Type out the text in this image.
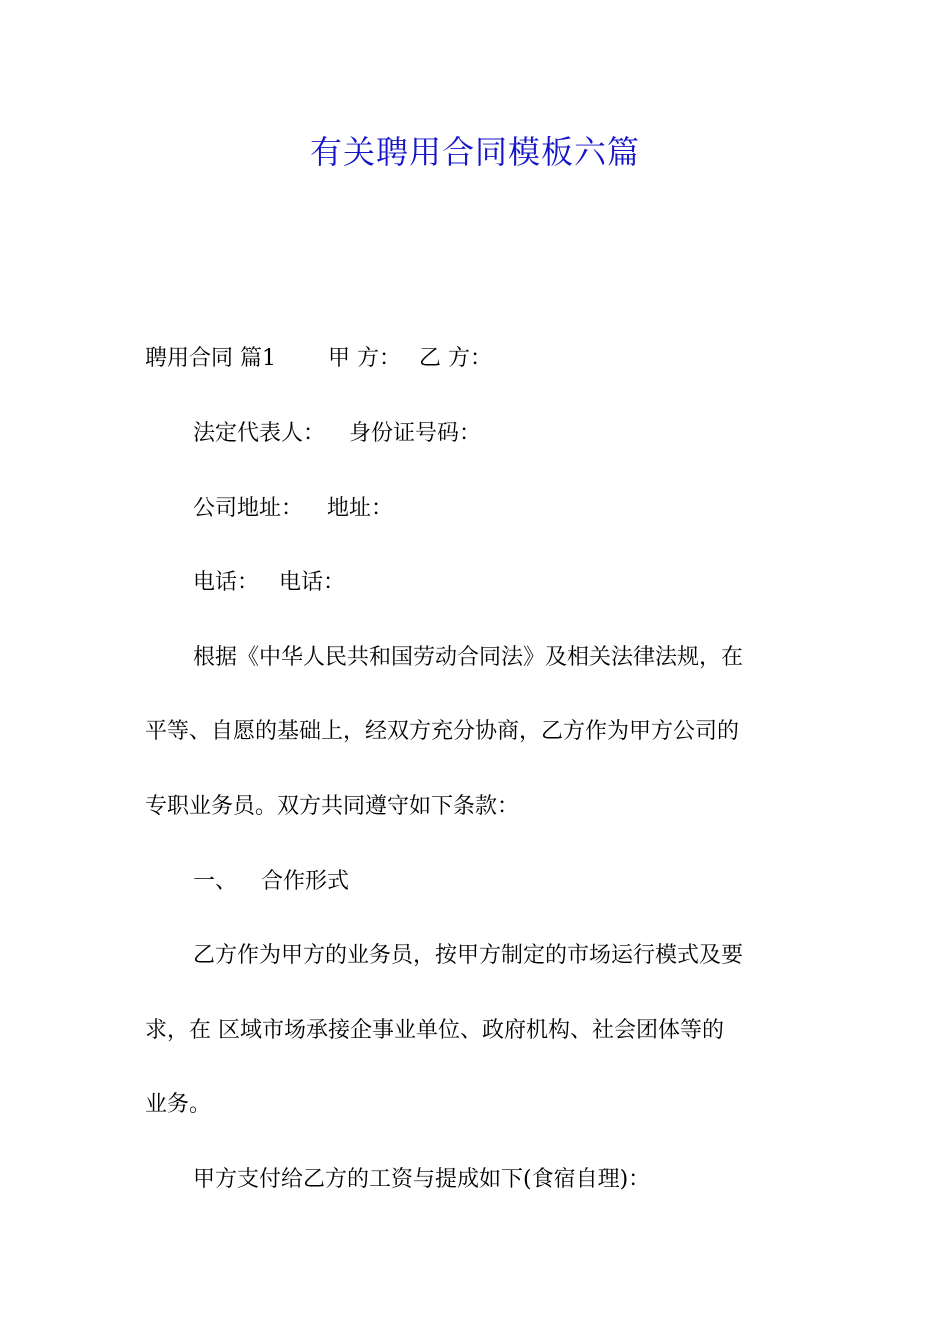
有关聘用合同模板六篇

聘用合同 篇1 甲 方： 乙 方：

法定代表人： 身份证号码：

公司地址： 地址：

电话： 电话：

根据《中华人民共和国劳动合同法》及相关法律法规，在

平等、自愿的基础上，经双方充分协商，乙方作为甲方公司的

专职业务员。双方共同遵守如下条款：

一、 合作形式

乙方作为甲方的业务员，按甲方制定的市场运行模式及要

求，在 区域市场承接企事业单位、政府机构、社会团体等的

业务。

甲方支付给乙方的工资与提成如下(食宿自理)：
